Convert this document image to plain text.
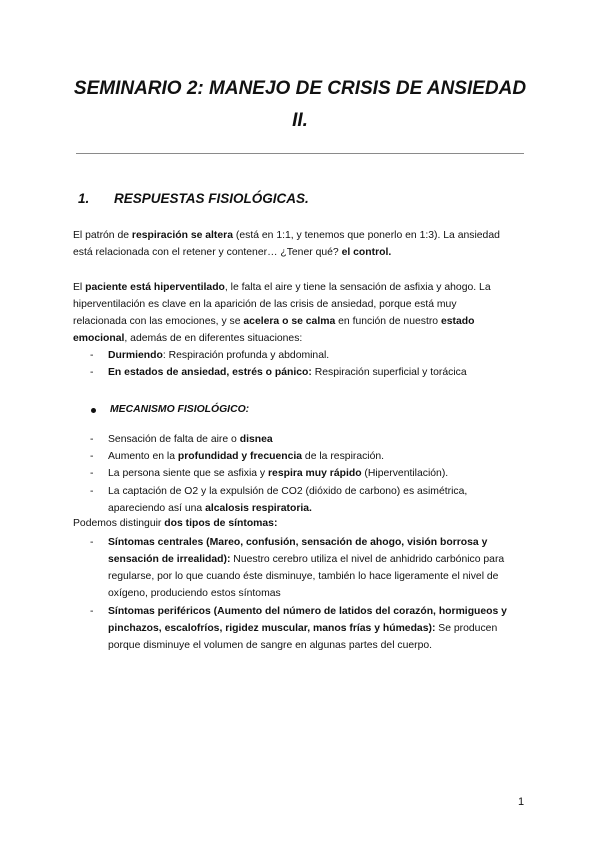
SEMINARIO 2: MANEJO DE CRISIS DE ANSIEDAD
II.
1. RESPUESTAS FISIOLÓGICAS.
El patrón de respiración se altera (está en 1:1, y tenemos que ponerlo en 1:3). La ansiedad
está relacionada con el retener y contener… ¿Tener qué? el control.
El paciente está hiperventilado, le falta el aire y tiene la sensación de asfixia y ahogo. La
hiperventilación es clave en la aparición de las crisis de ansiedad, porque está muy
relacionada con las emociones, y se acelera o se calma en función de nuestro estado
emocional, además de en diferentes situaciones:
- Durmiendo: Respiración profunda y abdominal.
- En estados de ansiedad, estrés o pánico: Respiración superficial y torácica
MECANISMO FISIOLÓGICO:
- Sensación de falta de aire o disnea
- Aumento en la profundidad y frecuencia de la respiración.
- La persona siente que se asfixia y respira muy rápido (Hiperventilación).
- La captación de O2 y la expulsión de CO2 (dióxido de carbono) es asimétrica,
apareciendo así una alcalosis respiratoria.
Podemos distinguir dos tipos de síntomas:
- Síntomas centrales (Mareo, confusión, sensación de ahogo, visión borrosa y
sensación de irrealidad): Nuestro cerebro utiliza el nivel de anhidrido carbónico para
regularse, por lo que cuando éste disminuye, también lo hace ligeramente el nivel de
oxígeno, produciendo estos síntomas
- Síntomas periféricos (Aumento del número de latidos del corazón, hormigueos y
pinchazos, escalofríos, rigidez muscular, manos frías y húmedas): Se producen
porque disminuye el volumen de sangre en algunas partes del cuerpo.
1
